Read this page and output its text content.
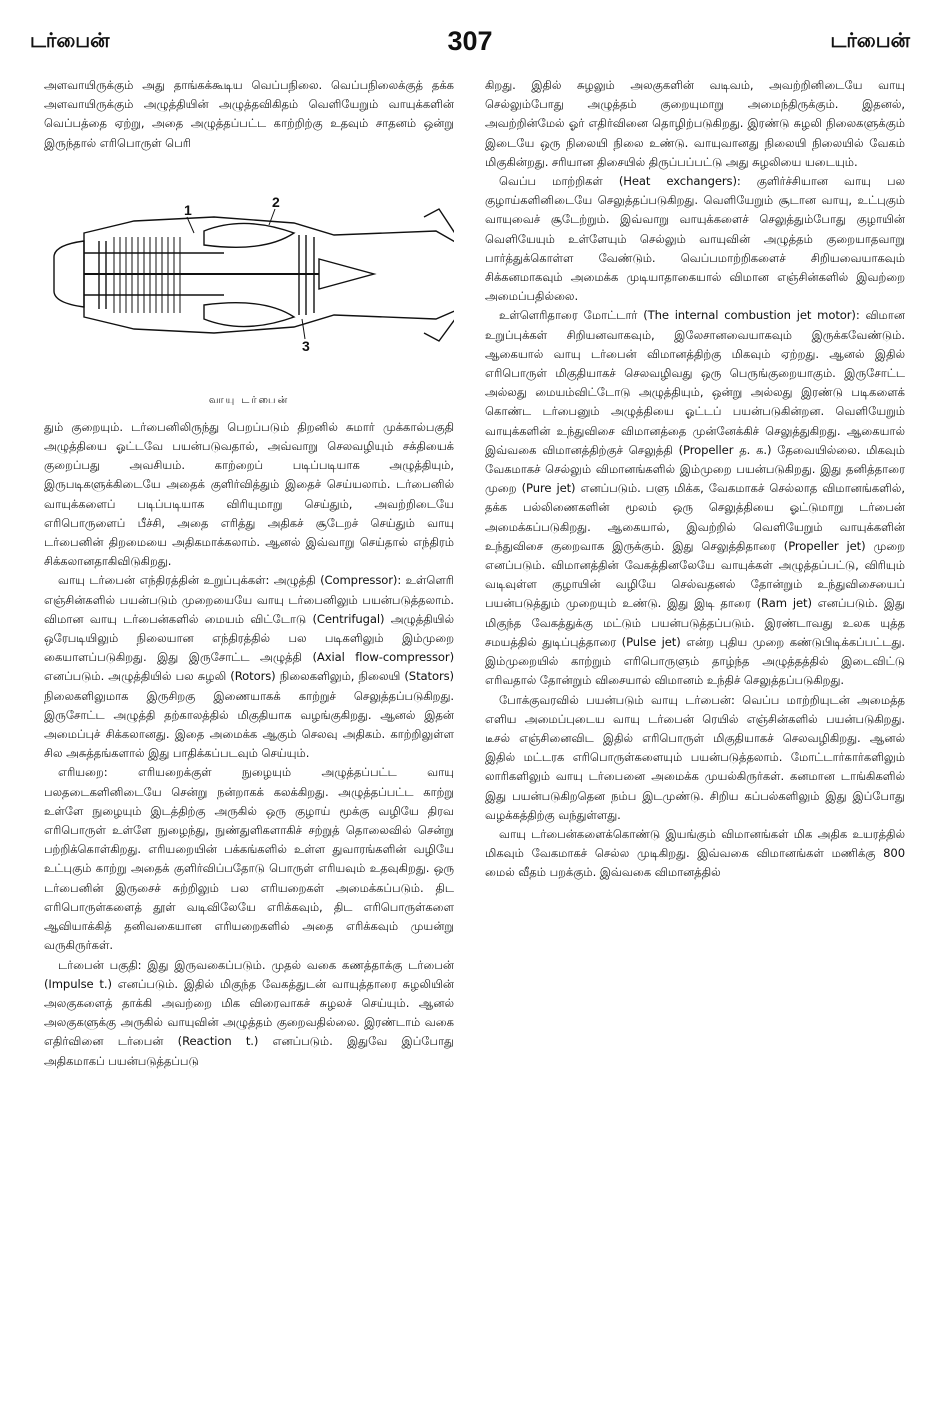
டர்பைன்	307	டர்பைன்

அளவாயிருக்கும் அது தாங்கக்கூடிய வெப்பநிலை. வெப்பநிலைக்குத் தக்க அளவாயிருக்கும் அழுத்தியின் அழுத்தவிகிதம் வெளியேறும் வாயுக்களின் வெப்பத்தை ஏற்று, அதை அழுத்தப்பட்ட காற்றிற்கு உதவும் சாதனம் ஒன்று இருந்தால் எரிபொருள் பெரி

1	2
3
வாயு டர்பைன்

தும் குறையும். டர்பைனிலிருந்து பெறப்படும் திறனில் சுமார் முக்கால்பகுதி அழுத்தியை ஓட்டவே பயன்படுவதால், அவ்வாறு செலவழியும் சக்தியைக் குறைப்பது அவசியம். காற்றைப் படிப்படியாக அழுத்தியும், இருபடிகளுக்கிடையே அதைக் குளிர்வித்தும் இதைச் செய்யலாம். டர்பைனில் வாயுக்களைப் படிப்படியாக விரியுமாறு செய்தும், அவற்றிடையே எரிபொருளைப் பீச்சி, அதை எரித்து அதிகச் சூடேறச் செய்தும் வாயு டர்பைனின் திறமையை அதிகமாக்கலாம். ஆனல் இவ்வாறு செய்தால் எந்திரம் சிக்கலானதாகிவிடுகிறது.

வாயு டர்பைன் எந்திரத்தின் உறுப்புக்கள்: அழுத்தி (Compressor): உள்ளெரி எஞ்சின்களில் பயன்படும் முறையையே வாயு டர்பைனிலும் பயன்படுத்தலாம். விமான வாயு டர்பைன்களில் மையம் விட்டோடு (Centrifugal) அழுத்தியில் ஒரேபடியிலும் நிலையான எந்திரத்தில் பல படிகளிலும் இம்முறை கையாளப்படுகிறது. இது இருசோட்ட அழுத்தி (Axial flow-compressor) எனப்படும். அழுத்தியில் பல சுழலி (Rotors) நிலைகளிலும், நிலையி (Stators) நிலைகளிலுமாக இருசிறகு இணையாகக் காற்றுச் செலுத்தப்படுகிறது. இருசோட்ட அழுத்தி தற்காலத்தில் மிகுதியாக வழங்குகிறது. ஆனல் இதன் அமைப்புச் சிக்கலானது. இதை அமைக்க ஆகும் செலவு அதிகம். காற்றிலுள்ள சில அசுத்தங்களால் இது பாதிக்கப்படவும் செய்யும்.

எரியறை: எரியறைக்குள் நுழையும் அழுத்தப்பட்ட வாயு பலதடைகளினிடையே சென்று நன்றாகக் கலக்கிறது. அழுத்தப்பட்ட காற்று உள்ளே நுழையும் இடத்திற்கு அருகில் ஒரு குழாய் மூக்கு வழியே திரவ எரிபொருள் உள்ளே நுழைந்து, நுண்துளிகளாகிச் சற்றுத் தொலைவில் சென்று பற்றிக்கொள்கிறது. எரியறையின் பக்கங்களில் உள்ள துவாரங்களின் வழியே உட்புகும் காற்று அதைக் குளிர்விப்பதோடு பொருள் எரியவும் உதவுகிறது. ஒரு டர்பைனின் இருசைச் சுற்றிலும் பல எரியறைகள் அமைக்கப்படும். திட எரிபொருள்களைத் தூள் வடிவிலேயே எரிக்கவும், திட எரிபொருள்களை ஆவியாக்கித் தனிவகையான எரியறைகளில் அதை எரிக்கவும் முயன்று வருகிருர்கள்.

டர்பைன் பகுதி: இது இருவகைப்படும். முதல் வகை கணத்தாக்கு டர்பைன் (Impulse t.) எனப்படும். இதில் மிகுந்த வேகத்துடன் வாயுத்தாரை சுழலியின் அலகுகளைத் தாக்கி அவற்றை மிக விரைவாகச் சுழலச் செய்யும். ஆனல் அலகுகளுக்கு அருகில் வாயுவின் அழுத்தம் குறைவதில்லை. இரண்டாம் வகை எதிர்வினை டர்பைன் (Reaction t.) எனப்படும். இதுவே இப்போது அதிகமாகப் பயன்படுத்தப்படு

கிறது. இதில் சுழலும் அலகுகளின் வடிவம், அவற்றினிடையே வாயு செல்லும்போது அழுத்தம் குறையுமாறு அமைந்திருக்கும். இதனல், அவற்றின்மேல் ஓர் எதிர்வினை தொழிற்படுகிறது. இரண்டு சுழலி நிலைகளுக்கும் இடையே ஒரு நிலையி நிலை உண்டு. வாயுவானது நிலையி நிலையில் வேகம் மிகுகின்றது. சரியான திசையில் திருப்பப்பட்டு அது சுழலியை யடையும்.

வெப்ப மாற்றிகள் (Heat exchangers): குளிர்ச்சியான வாயு பல குழாய்களினிடையே செலுத்தப்படுகிறது. வெளியேறும் சூடான வாயு, உட்புகும் வாயுவைச் சூடேற்றும். இவ்வாறு வாயுக்களைச் செலுத்தும்போது குழாயின் வெளியேயும் உள்ளேயும் செல்லும் வாயுவின் அழுத்தம் குறையாதவாறு பார்த்துக்கொள்ள வேண்டும். வெப்பமாற்றிகளைச் சிறியவையாகவும் சிக்கனமாகவும் அமைக்க முடியாதாகையால் விமான எஞ்சின்களில் இவற்றை அமைப்பதில்லை.

உள்ளெரிதாரை மோட்டார் (The internal combustion jet motor): விமான உறுப்புக்கள் சிறியனவாகவும், இலேசானவையாகவும் இருக்கவேண்டும். ஆகையால் வாயு டர்பைன் விமானத்திற்கு மிகவும் ஏற்றது. ஆனல் இதில் எரிபொருள் மிகுதியாகச் செலவழிவது ஒரு பெருங்குறையாகும். இருசோட்ட அல்லது மையம்விட்டோடு அழுத்தியும், ஒன்று அல்லது இரண்டு படிகளைக் கொண்ட டர்பைனும் அழுத்தியை ஓட்டப் பயன்படுகின்றன. வெளியேறும் வாயுக்களின் உந்துவிசை விமானத்தை முன்னேக்கிச் செலுத்துகிறது. ஆகையால் இவ்வகை விமானத்திற்குச் செலுத்தி (Propeller த. க.) தேவையில்லை. மிகவும் வேகமாகச் செல்லும் விமானங்களில் இம்முறை பயன்படுகிறது. இது தனித்தாரை முறை (Pure jet) எனப்படும். பளு மிக்க, வேகமாகச் செல்லாத விமானங்களில், தக்க பல்லிணைகளின் மூலம் ஒரு செலுத்தியை ஓட்டுமாறு டர்பைன் அமைக்கப்படுகிறது. ஆகையால், இவற்றில் வெளியேறும் வாயுக்களின் உந்துவிசை குறைவாக இருக்கும். இது செலுத்திதாரை (Propeller jet) முறை எனப்படும். விமானத்தின் வேகத்தினலேயே வாயுக்கள் அழுத்தப்பட்டு, விரியும் வடிவுள்ள குழாயின் வழியே செல்வதனல் தோன்றும் உந்துவிசையைப் பயன்படுத்தும் முறையும் உண்டு. இது இடி தாரை (Ram jet) எனப்படும். இது மிகுந்த வேகத்துக்கு மட்டும் பயன்படுத்தப்படும். இரண்டாவது உலக யுத்த சமயத்தில் துடிப்புத்தாரை (Pulse jet) என்ற புதிய முறை கண்டுபிடிக்கப்பட்டது. இம்முறையில் காற்றும் எரிபொருளும் தாழ்ந்த அழுத்தத்தில் இடைவிட்டு எரிவதால் தோன்றும் விசையால் விமானம் உந்திச் செலுத்தப்படுகிறது.

போக்குவரவில் பயன்படும் வாயு டர்பைன்: வெப்ப மாற்றியுடன் அமைத்த எளிய அமைப்புடைய வாயு டர்பைன் ரெயில் எஞ்சின்களில் பயன்படுகிறது. டீசல் எஞ்சினைவிட இதில் எரிபொருள் மிகுதியாகச் செலவழிகிறது. ஆனல் இதில் மட்டரக எரிபொருள்களையும் பயன்படுத்தலாம். மோட்டார்கார்களிலும் லாரிகளிலும் வாயு டர்பைனை அமைக்க முயல்கிருர்கள். கனமான டாங்கிகளில் இது பயன்படுகிறதென நம்ப இடமுண்டு. சிறிய கப்பல்களிலும் இது இப்போது வழக்கத்திற்கு வந்துள்ளது.

வாயு டர்பைன்களைக்கொண்டு இயங்கும் விமானங்கள் மிக அதிக உயரத்தில் மிகவும் வேகமாகச் செல்ல முடிகிறது. இவ்வகை விமானங்கள் மணிக்கு 800 மைல் வீதம் பறக்கும். இவ்வகை விமானத்தில்
